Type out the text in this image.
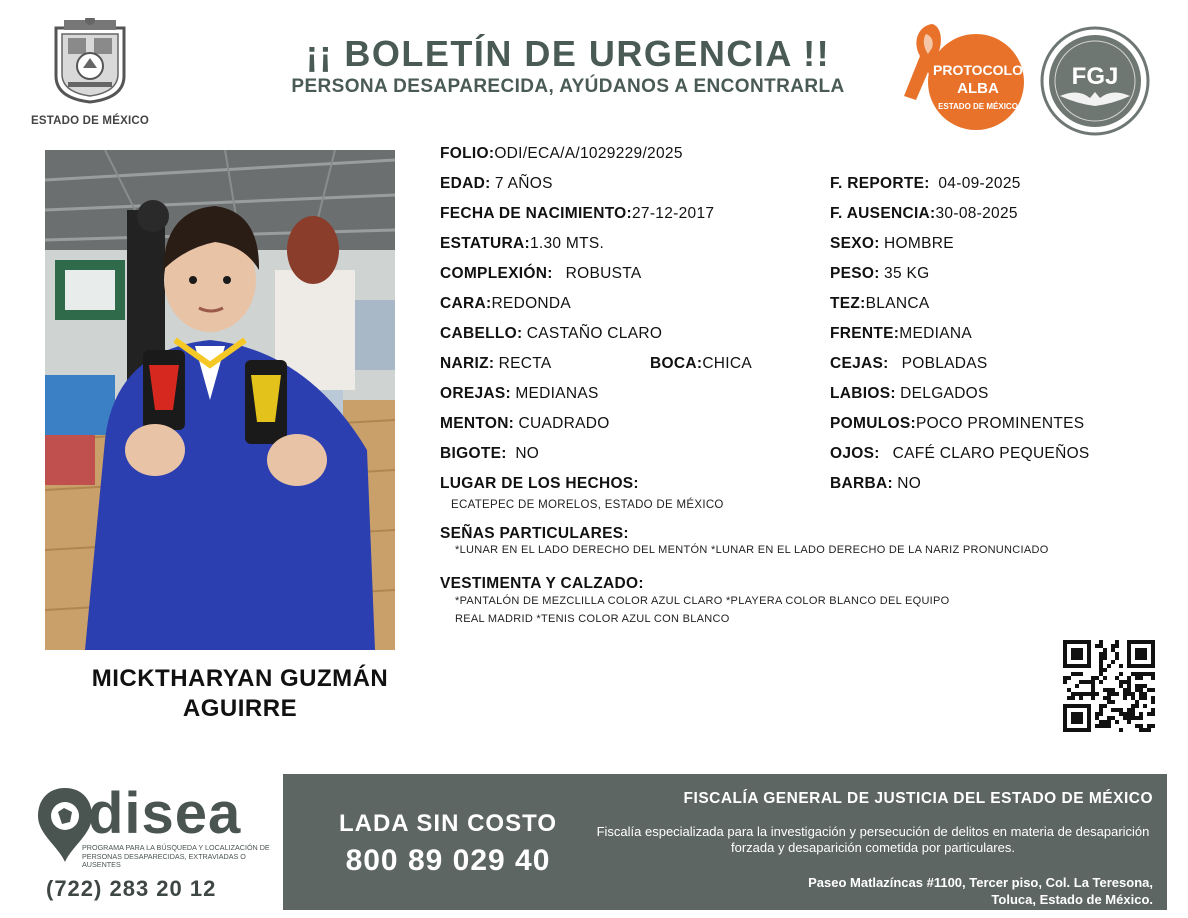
ESTADO DE MÉXICO
¡¡ BOLETÍN DE URGENCIA !!
PERSONA DESAPARECIDA, AYÚDANOS A ENCONTRARLA
PROTOCOLO
ALBA
ESTADO DE MÉXICO
FGJ
MICKTHARYAN GUZMÁN
AGUIRRE
FOLIO:ODI/ECA/A/1029229/2025
EDAD: 7 AÑOS
FECHA DE NACIMIENTO:27-12-2017
ESTATURA:1.30 MTS.
COMPLEXIÓN: ROBUSTA
CARA:REDONDA
CABELLO: CASTAÑO CLARO
NARIZ: RECTA	BOCA:CHICA
OREJAS: MEDIANAS
MENTON: CUADRADO
BIGOTE: NO
LUGAR DE LOS HECHOS:
ECATEPEC DE MORELOS, ESTADO DE MÉXICO
F. REPORTE: 04-09-2025
F. AUSENCIA:30-08-2025
SEXO: HOMBRE
PESO: 35 KG
TEZ:BLANCA
FRENTE:MEDIANA
CEJAS: POBLADAS
LABIOS: DELGADOS
POMULOS:POCO PROMINENTES
OJOS: CAFÉ CLARO PEQUEÑOS
BARBA: NO
SEÑAS PARTICULARES:
*LUNAR EN EL LADO DERECHO DEL MENTÓN *LUNAR EN EL LADO DERECHO DE LA NARIZ PRONUNCIADO
VESTIMENTA Y CALZADO:
*PANTALÓN DE MEZCLILLA COLOR AZUL CLARO *PLAYERA COLOR BLANCO DEL EQUIPO
REAL MADRID *TENIS COLOR AZUL CON BLANCO
disea
PROGRAMA PARA LA BÚSQUEDA Y LOCALIZACIÓN DE PERSONAS DESAPARECIDAS, EXTRAVIADAS O AUSENTES
(722) 283 20 12
LADA SIN COSTO
800 89 029 40
FISCALÍA GENERAL DE JUSTICIA DEL ESTADO DE MÉXICO
Fiscalía especializada para la investigación y persecución de delitos en materia de desaparición forzada y desaparición cometida por particulares.
Paseo Matlazíncas #1100, Tercer piso, Col. La Teresona,
Toluca, Estado de México.
